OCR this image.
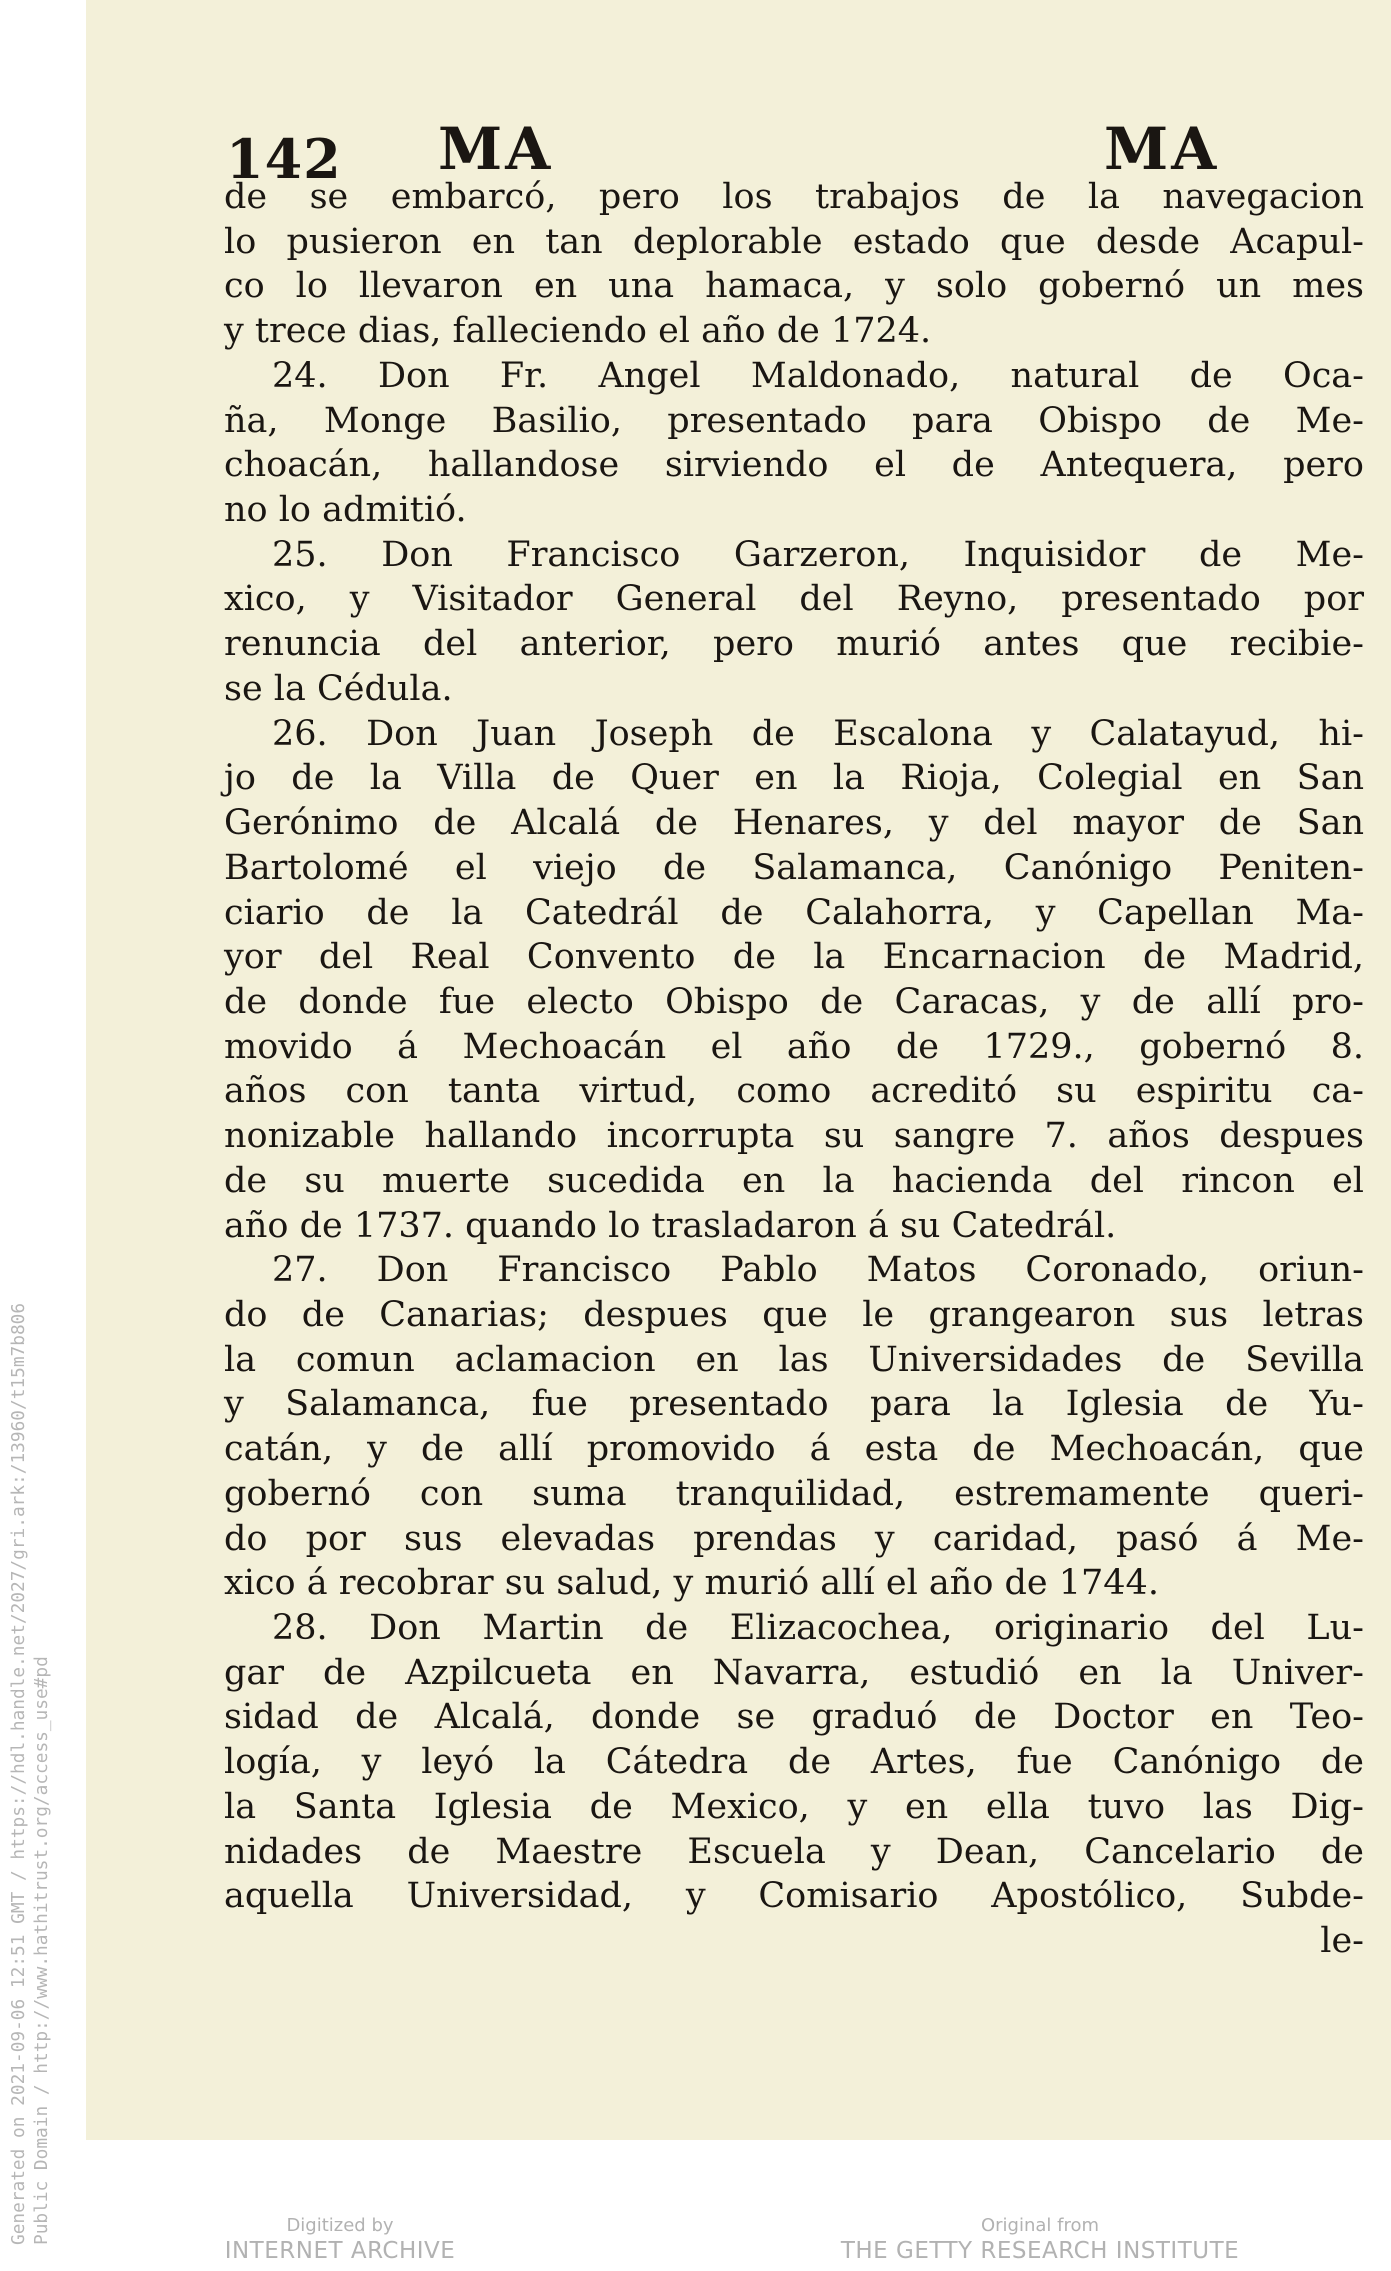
Generated on 2021-09-06 12:51 GMT / https://hdl.handle.net/2027/gri.ark:/13960/t15m7b806 Public Domain / http://www.hathitrust.org/access_use#pd
142 MA	MA
de se embarcó, pero los trabajos de la navegacion
lo pusieron en tan deplorable estado que desde Acapul-
co lo llevaron en una hamaca, y solo gobernó un mes
y trece dias, falleciendo el año de 1724.
24. Don Fr. Angel Maldonado, natural de Oca-
ña, Monge Basilio, presentado para Obispo de Me-
choacán, hallandose sirviendo el de Antequera, pero
no lo admitió.
25. Don Francisco Garzeron, Inquisidor de Me-
xico, y Visitador General del Reyno, presentado por
renuncia del anterior, pero murió antes que recibie-
se la Cédula.
26. Don Juan Joseph de Escalona y Calatayud, hi-
jo de la Villa de Quer en la Rioja, Colegial en San
Gerónimo de Alcalá de Henares, y del mayor de San
Bartolomé el viejo de Salamanca, Canónigo Peniten-
ciario de la Catedrál de Calahorra, y Capellan Ma-
yor del Real Convento de la Encarnacion de Madrid,
de donde fue electo Obispo de Caracas, y de allí pro-
movido á Mechoacán el año de 1729., gobernó 8.
años con tanta virtud, como acreditó su espiritu ca-
nonizable hallando incorrupta su sangre 7. años despues
de su muerte sucedida en la hacienda del rincon el
año de 1737. quando lo trasladaron á su Catedrál.
27. Don Francisco Pablo Matos Coronado, oriun-
do de Canarias; despues que le grangearon sus letras
la comun aclamacion en las Universidades de Sevilla
y Salamanca, fue presentado para la Iglesia de Yu-
catán, y de allí promovido á esta de Mechoacán, que
gobernó con suma tranquilidad, estremamente queri-
do por sus elevadas prendas y caridad, pasó á Me-
xico á recobrar su salud, y murió allí el año de 1744.
28. Don Martin de Elizacochea, originario del Lu-
gar de Azpilcueta en Navarra, estudió en la Univer-
sidad de Alcalá, donde se graduó de Doctor en Teo-
logía, y leyó la Cátedra de Artes, fue Canónigo de
la Santa Iglesia de Mexico, y en ella tuvo las Dig-
nidades de Maestre Escuela y Dean, Cancelario de
aquella Universidad, y Comisario Apostólico, Subde-
le-
Digitized by
INTERNET ARCHIVE
Original from
THE GETTY RESEARCH INSTITUTE
